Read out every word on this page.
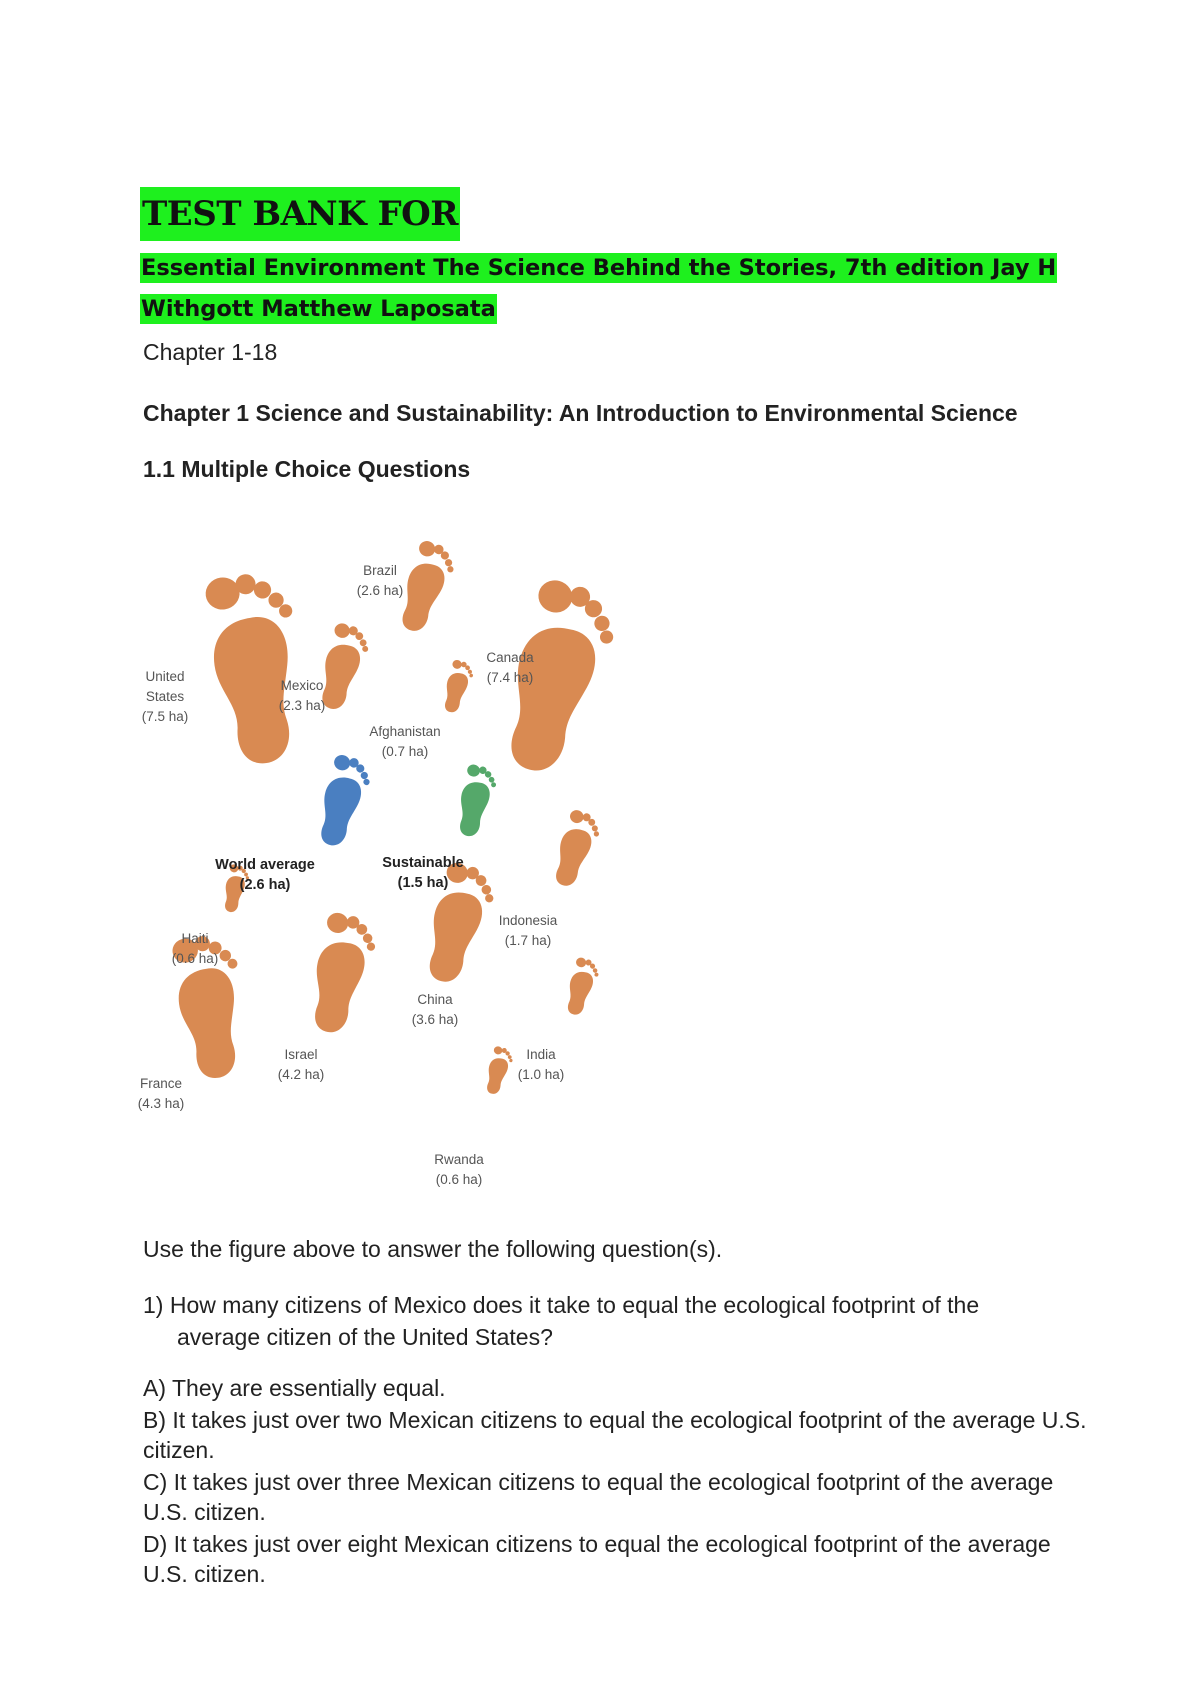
TEST BANK FOR

Essential Environment The Science Behind the Stories, 7th edition Jay H Withgott Matthew Laposata

Chapter 1-18

Chapter 1 Science and Sustainability: An Introduction to Environmental Science

1.1 Multiple Choice Questions

Brazil
(2.6 ha)
Canada
(7.4 ha)
United
States
(7.5 ha)
Mexico
(2.3 ha)
Afghanistan
(0.7 ha)
World average
(2.6 ha)
Sustainable
(1.5 ha)
Indonesia
(1.7 ha)
Haiti
(0.6 ha)
China
(3.6 ha)
Israel
(4.2 ha)
France
(4.3 ha)
India
(1.0 ha)
Rwanda
(0.6 ha)

Use the figure above to answer the following question(s).

1) How many citizens of Mexico does it take to equal the ecological footprint of the
average citizen of the United States?

A) They are essentially equal.
B) It takes just over two Mexican citizens to equal the ecological footprint of the average U.S. citizen.
C) It takes just over three Mexican citizens to equal the ecological footprint of the average U.S. citizen.
D) It takes just over eight Mexican citizens to equal the ecological footprint of the average U.S. citizen.
